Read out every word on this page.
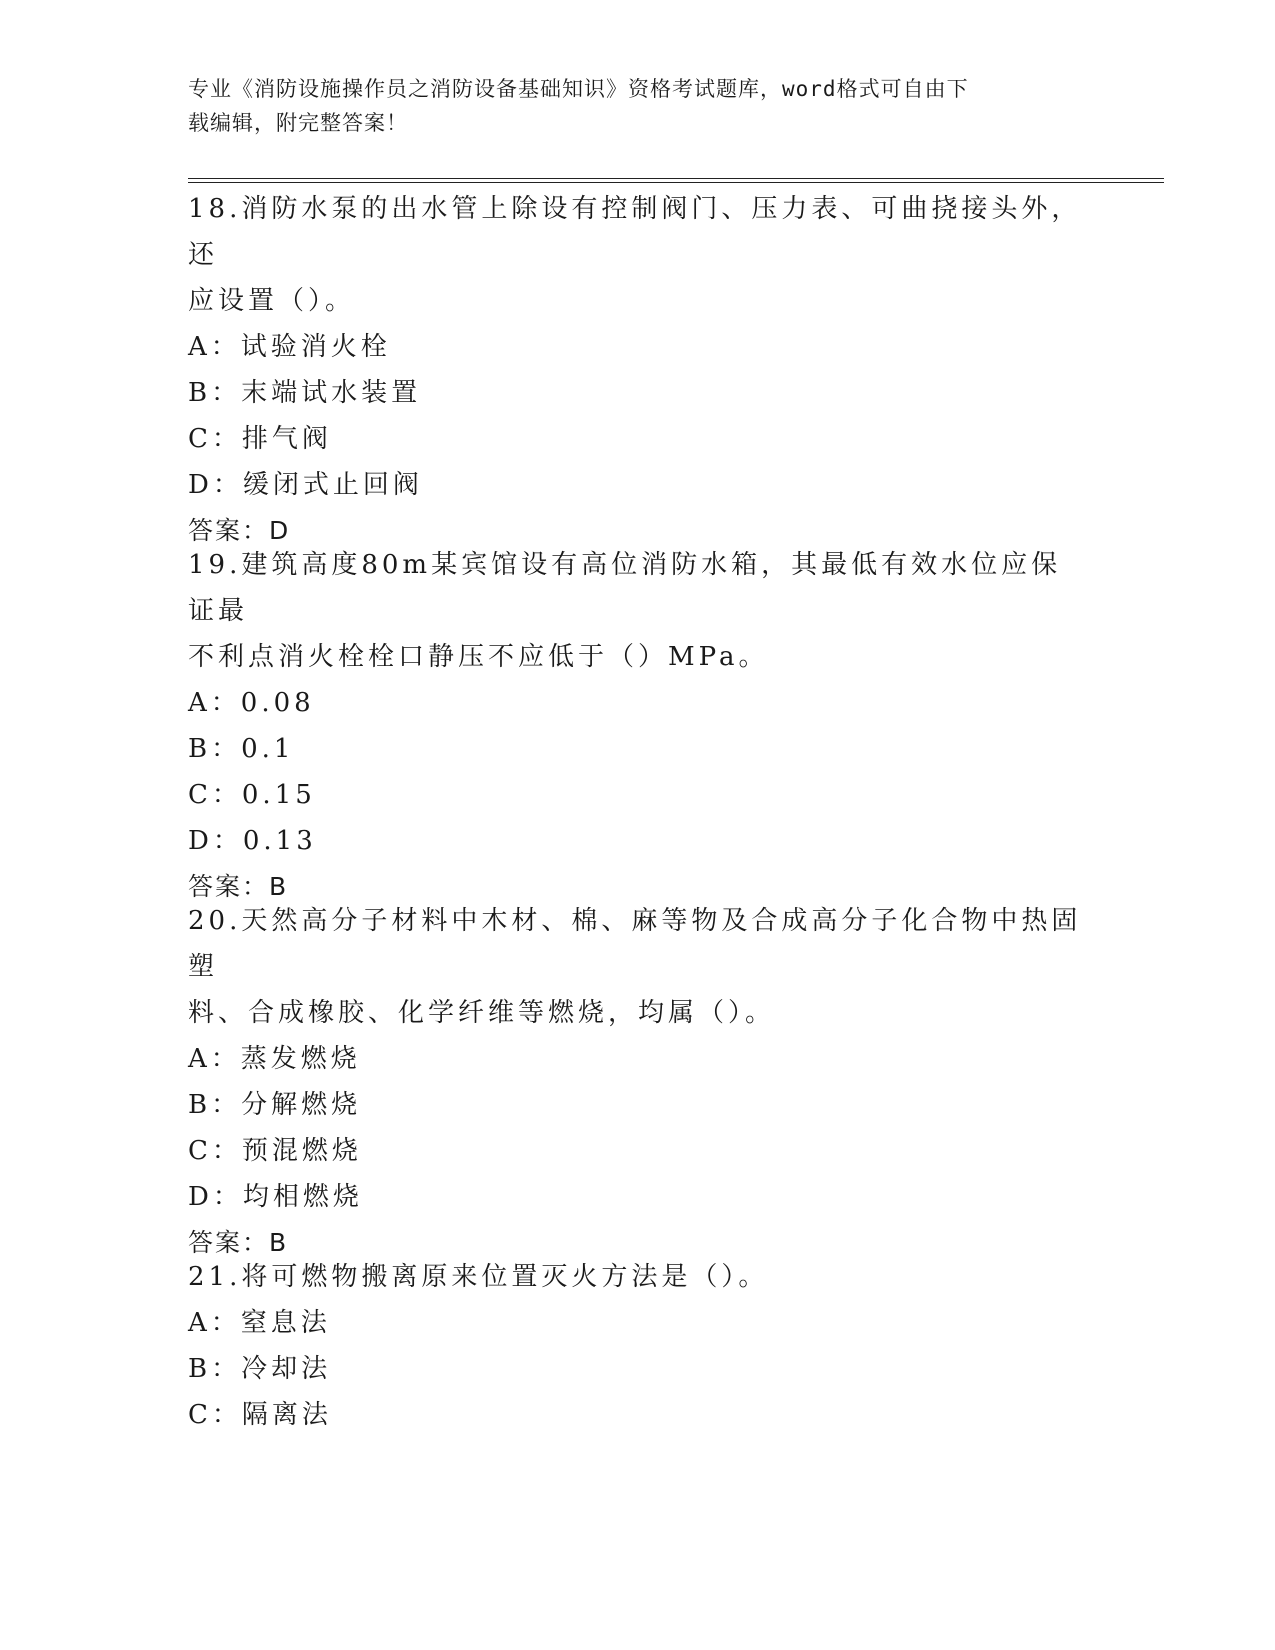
专业《消防设施操作员之消防设备基础知识》资格考试题库，word格式可自由下
载编辑，附完整答案！
18.消防水泵的出水管上除设有控制阀门、压力表、可曲挠接头外，还
应设置（）。
A：试验消火栓
B：末端试水装置
C：排气阀
D：缓闭式止回阀
答案：D
19.建筑高度80m某宾馆设有高位消防水箱，其最低有效水位应保证最
不利点消火栓栓口静压不应低于（）MPa。
A：0.08
B：0.1
C：0.15
D：0.13
答案：B
20.天然高分子材料中木材、棉、麻等物及合成高分子化合物中热固塑
料、合成橡胶、化学纤维等燃烧，均属（）。
A：蒸发燃烧
B：分解燃烧
C：预混燃烧
D：均相燃烧
答案：B
21.将可燃物搬离原来位置灭火方法是（）。
A：窒息法
B：冷却法
C：隔离法
